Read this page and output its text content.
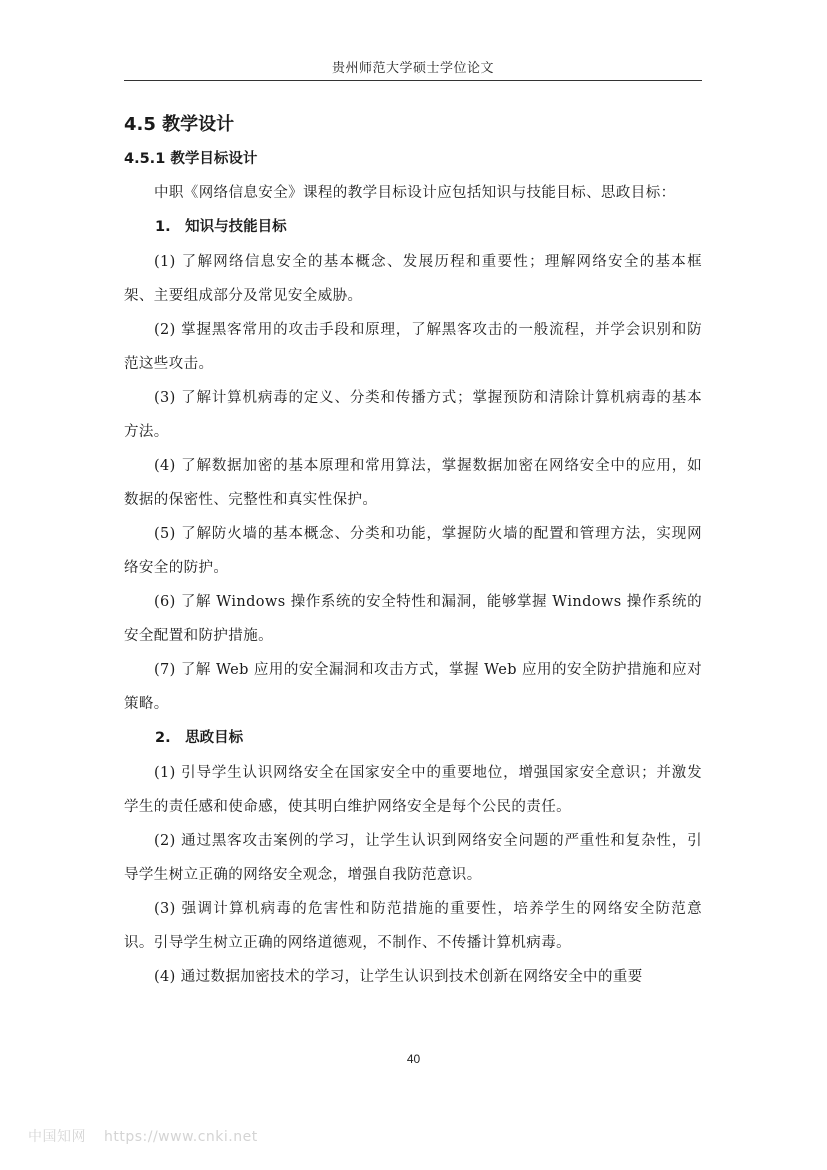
贵州师范大学硕士学位论文
4.5 教学设计
4.5.1 教学目标设计

中职《网络信息安全》课程的教学目标设计应包括知识与技能目标、思政目标：

1.　知识与技能目标

(1) 了解网络信息安全的基本概念、发展历程和重要性；理解网络安全的基本框架、主要组成部分及常见安全威胁。

(2) 掌握黑客常用的攻击手段和原理，了解黑客攻击的一般流程，并学会识别和防范这些攻击。

(3) 了解计算机病毒的定义、分类和传播方式；掌握预防和清除计算机病毒的基本方法。

(4) 了解数据加密的基本原理和常用算法，掌握数据加密在网络安全中的应用，如数据的保密性、完整性和真实性保护。

(5) 了解防火墙的基本概念、分类和功能，掌握防火墙的配置和管理方法，实现网络安全的防护。

(6) 了解 Windows 操作系统的安全特性和漏洞，能够掌握 Windows 操作系统的安全配置和防护措施。

(7) 了解 Web 应用的安全漏洞和攻击方式，掌握 Web 应用的安全防护措施和应对策略。

2.　思政目标

(1) 引导学生认识网络安全在国家安全中的重要地位，增强国家安全意识；并激发学生的责任感和使命感，使其明白维护网络安全是每个公民的责任。

(2) 通过黑客攻击案例的学习，让学生认识到网络安全问题的严重性和复杂性，引导学生树立正确的网络安全观念，增强自我防范意识。

(3) 强调计算机病毒的危害性和防范措施的重要性，培养学生的网络安全防范意识。引导学生树立正确的网络道德观，不制作、不传播计算机病毒。

(4) 通过数据加密技术的学习，让学生认识到技术创新在网络安全中的重要

40
中国知网 https://www.cnki.net
